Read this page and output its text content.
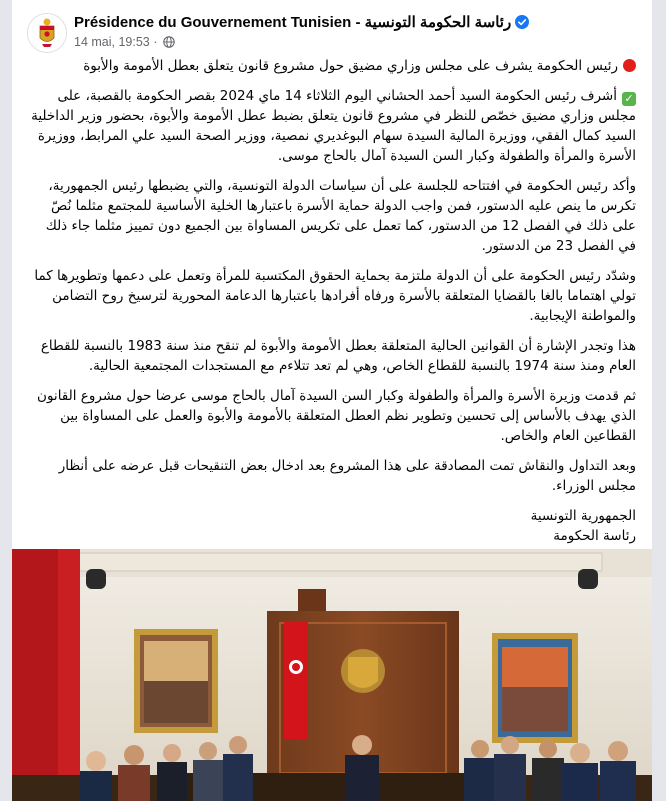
Présidence du Gouvernement Tunisien - رئاسة الحكومة التونسية
14 mai, 19:53 ·

رئيس الحكومة يشرف على مجلس وزاري مضيق حول مشروع قانون يتعلق بعطل الأمومة والأبوة

✓أشرف رئيس الحكومة السيد أحمد الحشاني اليوم الثلاثاء 14 ماي 2024 بقصر الحكومة بالقصبة، على مجلس وزاري مضيق خصّص للنظر في مشروع قانون يتعلق بضبط عطل الأمومة والأبوة، بحضور وزير الداخلية السيد كمال الفقي، ووزيرة المالية السيدة سهام البوغديري نمصية، ووزير الصحة السيد علي المرابط، ووزيرة الأسرة والمرأة والطفولة وكبار السن السيدة آمال بالحاج موسى.

وأكد رئيس الحكومة في افتتاحه للجلسة على أن سياسات الدولة التونسية، والتي يضبطها رئيس الجمهورية، تكرس ما ينص عليه الدستور، فمن واجب الدولة حماية الأسرة باعتبارها الخلية الأساسية للمجتمع مثلما نُصّ على ذلك في الفصل 12 من الدستور، كما تعمل على تكريس المساواة بين الجميع دون تمييز مثلما جاء ذلك في الفصل 23 من الدستور.

وشدّد رئيس الحكومة على أن الدولة ملتزمة بحماية الحقوق المكتسبة للمرأة وتعمل على دعمها وتطويرها كما تولي اهتماما بالغا بالقضايا المتعلقة بالأسرة ورفاه أفرادها باعتبارها الدعامة المحورية لترسيخ روح التضامن والمواطنة الإيجابية.

هذا وتجدر الإشارة أن القوانين الحالية المتعلقة بعطل الأمومة والأبوة لم تنقح منذ سنة 1983 بالنسبة للقطاع العام ومنذ سنة 1974 بالنسبة للقطاع الخاص، وهي لم تعد تتلاءم مع المستجدات المجتمعية الحالية.

ثم قدمت وزيرة الأسرة والمرأة والطفولة وكبار السن السيدة آمال بالحاج موسى عرضا حول مشروع القانون الذي يهدف بالأساس إلى تحسين وتطوير نظم العطل المتعلقة بالأمومة والأبوة والعمل على المساواة بين القطاعين العام والخاص.

وبعد التداول والنقاش تمت المصادقة على هذا المشروع بعد ادخال بعض التنقيحات قبل عرضه على أنظار مجلس الوزراء.

الجمهورية التونسية

رئاسة الحكومة
